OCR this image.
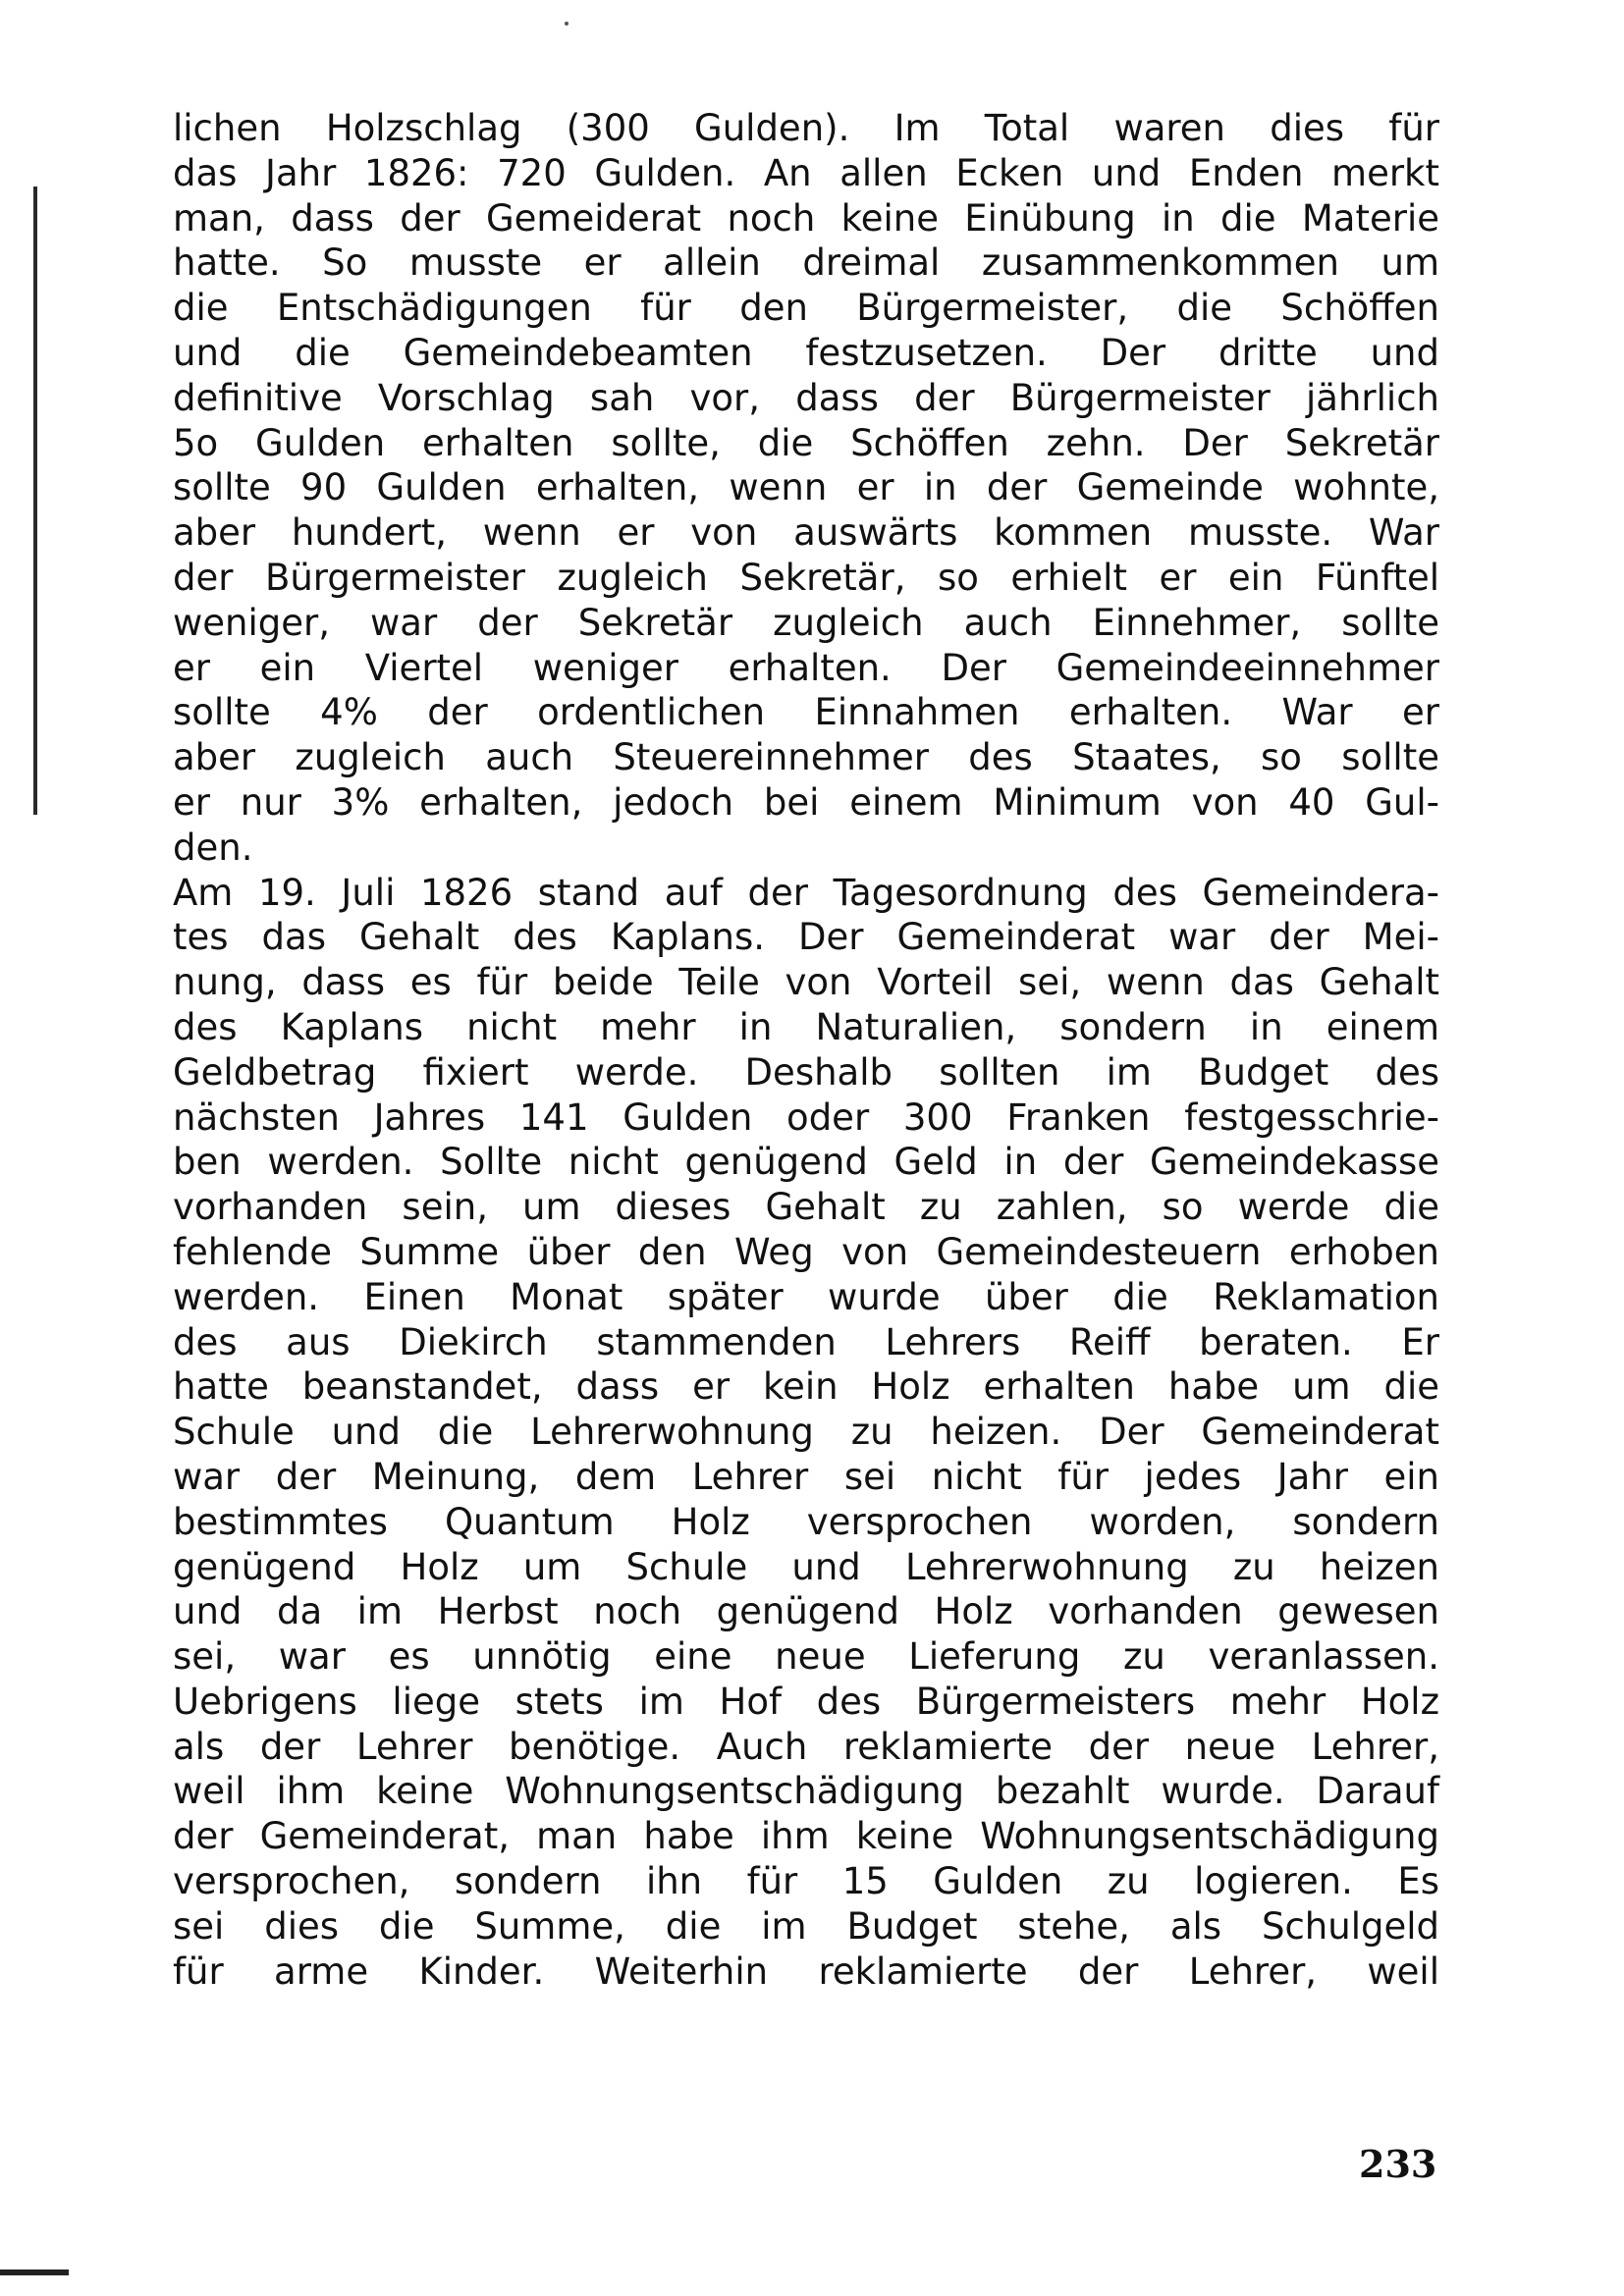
lichen Holzschlag (300 Gulden). Im Total waren dies für
das Jahr 1826: 720 Gulden. An allen Ecken und Enden merkt
man, dass der Gemeiderat noch keine Einübung in die Materie
hatte. So musste er allein dreimal zusammenkommen um
die Entschädigungen für den Bürgermeister, die Schöffen
und die Gemeindebeamten festzusetzen. Der dritte und
definitive Vorschlag sah vor, dass der Bürgermeister jährlich
5o Gulden erhalten sollte, die Schöffen zehn. Der Sekretär
sollte 90 Gulden erhalten, wenn er in der Gemeinde wohnte,
aber hundert, wenn er von auswärts kommen musste. War
der Bürgermeister zugleich Sekretär, so erhielt er ein Fünftel
weniger, war der Sekretär zugleich auch Einnehmer, sollte
er ein Viertel weniger erhalten. Der Gemeindeeinnehmer
sollte 4% der ordentlichen Einnahmen erhalten. War er
aber zugleich auch Steuereinnehmer des Staates, so sollte
er nur 3% erhalten, jedoch bei einem Minimum von 40 Gul-
den.
Am 19. Juli 1826 stand auf der Tagesordnung des Gemeindera-
tes das Gehalt des Kaplans. Der Gemeinderat war der Mei-
nung, dass es für beide Teile von Vorteil sei, wenn das Gehalt
des Kaplans nicht mehr in Naturalien, sondern in einem
Geldbetrag fixiert werde. Deshalb sollten im Budget des
nächsten Jahres 141 Gulden oder 300 Franken festgesschrie-
ben werden. Sollte nicht genügend Geld in der Gemeindekasse
vorhanden sein, um dieses Gehalt zu zahlen, so werde die
fehlende Summe über den Weg von Gemeindesteuern erhoben
werden. Einen Monat später wurde über die Reklamation
des aus Diekirch stammenden Lehrers Reiff beraten. Er
hatte beanstandet, dass er kein Holz erhalten habe um die
Schule und die Lehrerwohnung zu heizen. Der Gemeinderat
war der Meinung, dem Lehrer sei nicht für jedes Jahr ein
bestimmtes Quantum Holz versprochen worden, sondern
genügend Holz um Schule und Lehrerwohnung zu heizen
und da im Herbst noch genügend Holz vorhanden gewesen
sei, war es unnötig eine neue Lieferung zu veranlassen.
Uebrigens liege stets im Hof des Bürgermeisters mehr Holz
als der Lehrer benötige. Auch reklamierte der neue Lehrer,
weil ihm keine Wohnungsentschädigung bezahlt wurde. Darauf
der Gemeinderat, man habe ihm keine Wohnungsentschädigung
versprochen, sondern ihn für 15 Gulden zu logieren. Es
sei dies die Summe, die im Budget stehe, als Schulgeld
für arme Kinder. Weiterhin reklamierte der Lehrer, weil
233
